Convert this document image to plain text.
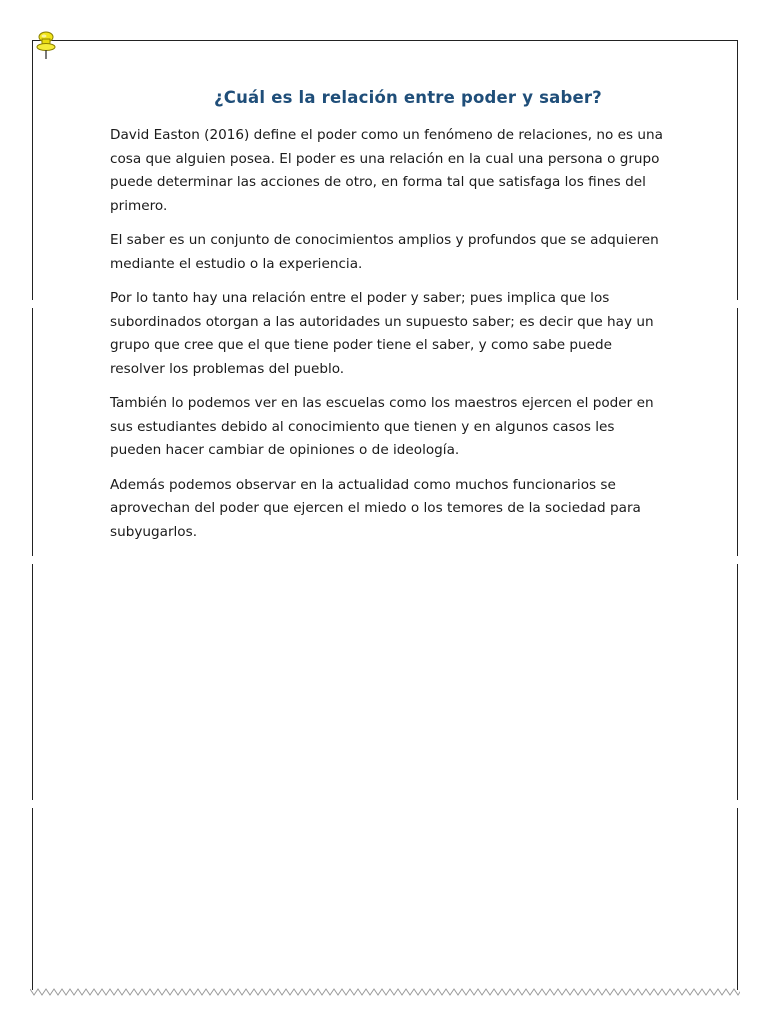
¿Cuál es la relación entre poder y saber?

David Easton (2016) define el poder como un fenómeno de relaciones, no es una cosa que alguien posea. El poder es una relación en la cual una persona o grupo puede determinar las acciones de otro, en forma tal que satisfaga los fines del primero.

El saber es un conjunto de conocimientos amplios y profundos que se adquieren mediante el estudio o la experiencia.

Por lo tanto hay una relación entre el poder y saber; pues implica que los subordinados otorgan a las autoridades un supuesto saber; es decir que hay un grupo que cree que el que tiene poder tiene el saber, y como sabe puede resolver los problemas del pueblo.

También lo podemos ver en las escuelas como los maestros ejercen el poder en sus estudiantes debido al conocimiento que tienen y en algunos casos les pueden hacer cambiar de opiniones o de ideología.

Además podemos observar en la actualidad como muchos funcionarios se aprovechan del poder que ejercen el miedo o los temores de la sociedad para subyugarlos.
